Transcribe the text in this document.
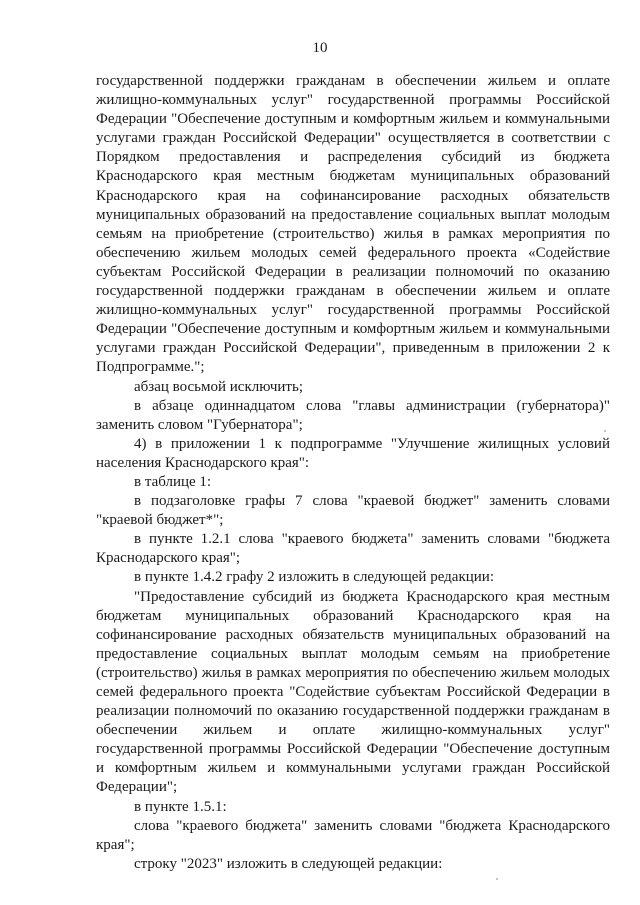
10
государственной поддержки гражданам в обеспечении жильем и оплате
жилищно-коммунальных услуг" государственной программы Российской
Федерации "Обеспечение доступным и комфортным жильем и коммунальными
услугами граждан Российской Федерации" осуществляется в соответствии с
Порядком предоставления и распределения субсидий из бюджета
Краснодарского края местным бюджетам муниципальных образований
Краснодарского края на софинансирование расходных обязательств
муниципальных образований на предоставление социальных выплат молодым
семьям на приобретение (строительство) жилья в рамках мероприятия по
обеспечению жильем молодых семей федерального проекта «Содействие
субъектам Российской Федерации в реализации полномочий по оказанию
государственной поддержки гражданам в обеспечении жильем и оплате
жилищно-коммунальных услуг" государственной программы Российской
Федерации "Обеспечение доступным и комфортным жильем и коммунальными
услугами граждан Российской Федерации", приведенным в приложении 2 к
Подпрограмме.";
абзац восьмой исключить;
в абзаце одиннадцатом слова "главы администрации (губернатора)"
заменить словом "Губернатора";
4) в приложении 1 к подпрограмме "Улучшение жилищных условий
населения Краснодарского края":
в таблице 1:
в подзаголовке графы 7 слова "краевой бюджет" заменить словами
"краевой бюджет*";
в пункте 1.2.1 слова "краевого бюджета" заменить словами "бюджета
Краснодарского края";
в пункте 1.4.2 графу 2 изложить в следующей редакции:
"Предоставление субсидий из бюджета Краснодарского края местным
бюджетам муниципальных образований Краснодарского края на
софинансирование расходных обязательств муниципальных образований на
предоставление социальных выплат молодым семьям на приобретение
(строительство) жилья в рамках мероприятия по обеспечению жильем молодых
семей федерального проекта "Содействие субъектам Российской Федерации в
реализации полномочий по оказанию государственной поддержки гражданам в
обеспечении жильем и оплате жилищно-коммунальных услуг"
государственной программы Российской Федерации "Обеспечение доступным
и комфортным жильем и коммунальными услугами граждан Российской
Федерации";
в пункте 1.5.1:
слова "краевого бюджета" заменить словами "бюджета Краснодарского
края";
строку "2023" изложить в следующей редакции:
